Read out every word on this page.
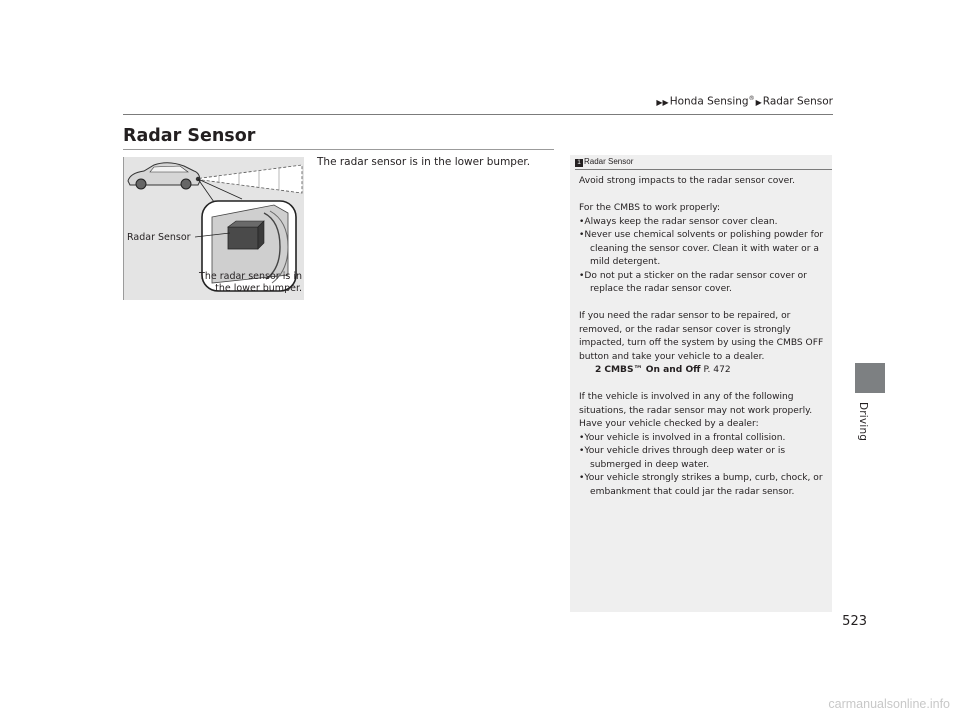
▶▶Honda Sensing®▶Radar Sensor
Driving
Radar Sensor
Radar Sensor
The radar sensor is in
the lower bumper.
The radar sensor is in the lower bumper.	1 Radar Sensor

Avoid strong impacts to the radar sensor cover.

For the CMBS to work properly:

•Always keep the radar sensor cover clean.

•Never use chemical solvents or polishing powder for cleaning the sensor cover. Clean it with water or a mild detergent.

•Do not put a sticker on the radar sensor cover or replace the radar sensor cover.

If you need the radar sensor to be repaired, or removed, or the radar sensor cover is strongly impacted, turn off the system by using the CMBS OFF button and take your vehicle to a dealer.

2 CMBS™ On and Off P. 472

If the vehicle is involved in any of the following situations, the radar sensor may not work properly. Have your vehicle checked by a dealer:

•Your vehicle is involved in a frontal collision.

•Your vehicle drives through deep water or is submerged in deep water.

•Your vehicle strongly strikes a bump, curb, chock, or embankment that could jar the radar sensor.

523
carmanualsonline.info
